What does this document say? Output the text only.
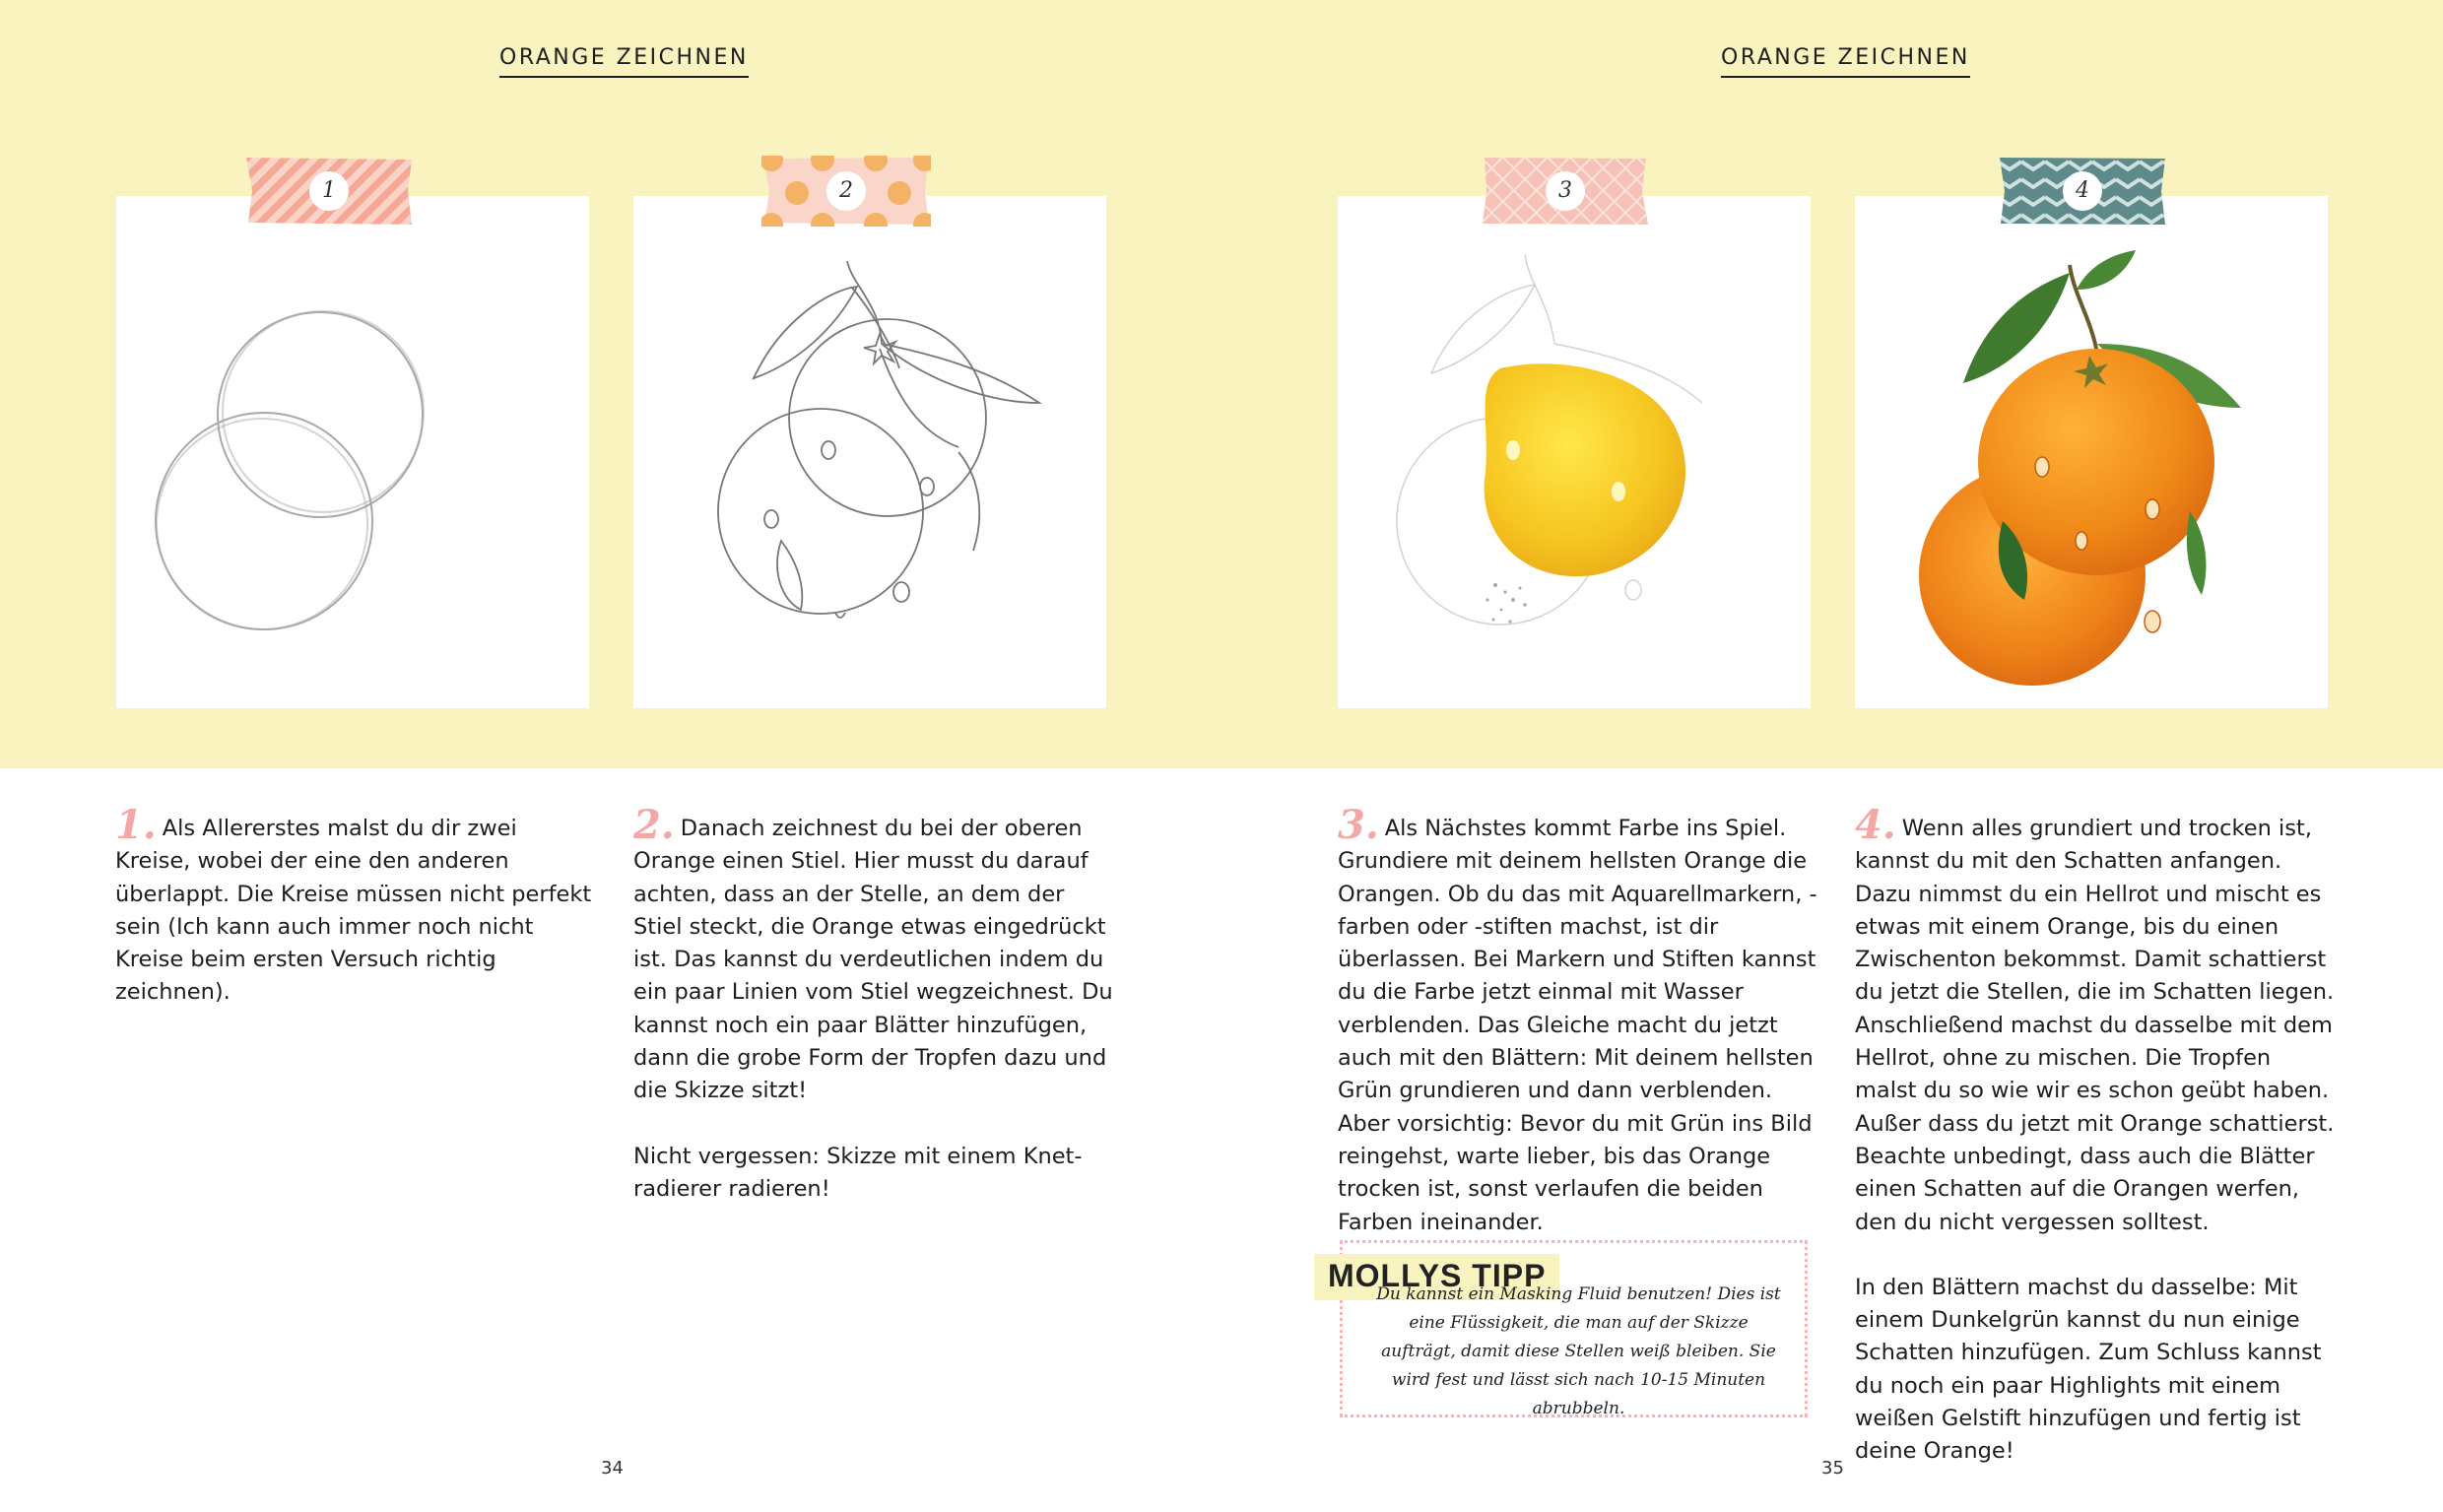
ORANGE ZEICHNEN	ORANGE ZEICHNEN
1	2	3	4

1. Als Allererstes malst du dir zwei Kreise, wobei der eine den anderen überlappt. Die Kreise müssen nicht perfekt sein (Ich kann auch immer noch nicht Kreise beim ersten Versuch richtig zeichnen).

2. Danach zeichnest du bei der oberen Orange einen Stiel. Hier musst du darauf achten, dass an der Stelle, an dem der Stiel steckt, die Orange etwas eingedrückt ist. Das kannst du verdeutlichen indem du ein paar Linien vom Stiel wegzeichnest. Du kannst noch ein paar Blätter hinzufügen, dann die grobe Form der Tropfen dazu und die Skizze sitzt!

Nicht vergessen: Skizze mit einem Knet-radierer radieren!

3. Als Nächstes kommt Farbe ins Spiel. Grundiere mit deinem hellsten Orange die Orangen. Ob du das mit Aquarellmarkern, -farben oder -stiften machst, ist dir überlassen. Bei Markern und Stiften kannst du die Farbe jetzt einmal mit Wasser verblenden. Das Gleiche macht du jetzt auch mit den Blättern: Mit deinem hellsten Grün grundieren und dann verblenden. Aber vorsichtig: Bevor du mit Grün ins Bild reingehst, warte lieber, bis das Orange trocken ist, sonst verlaufen die beiden Farben ineinander.

4. Wenn alles grundiert und trocken ist, kannst du mit den Schatten anfangen. Dazu nimmst du ein Hellrot und mischt es etwas mit einem Orange, bis du einen Zwischenton bekommst. Damit schattierst du jetzt die Stellen, die im Schatten liegen. Anschließend machst du dasselbe mit dem Hellrot, ohne zu mischen. Die Tropfen malst du so wie wir es schon geübt haben. Außer dass du jetzt mit Orange schattierst. Beachte unbedingt, dass auch die Blätter einen Schatten auf die Orangen werfen, den du nicht vergessen solltest.

In den Blättern machst du dasselbe: Mit einem Dunkelgrün kannst du nun einige Schatten hinzufügen. Zum Schluss kannst du noch ein paar Highlights mit einem weißen Gelstift hinzufügen und fertig ist deine Orange!

MOLLYS TIPP
Du kannst ein Masking Fluid benutzen! Dies ist eine Flüssigkeit, die man auf der Skizze aufträgt, damit diese Stellen weiß bleiben. Sie wird fest und lässt sich nach 10-15 Minuten abrubbeln.
34	35
